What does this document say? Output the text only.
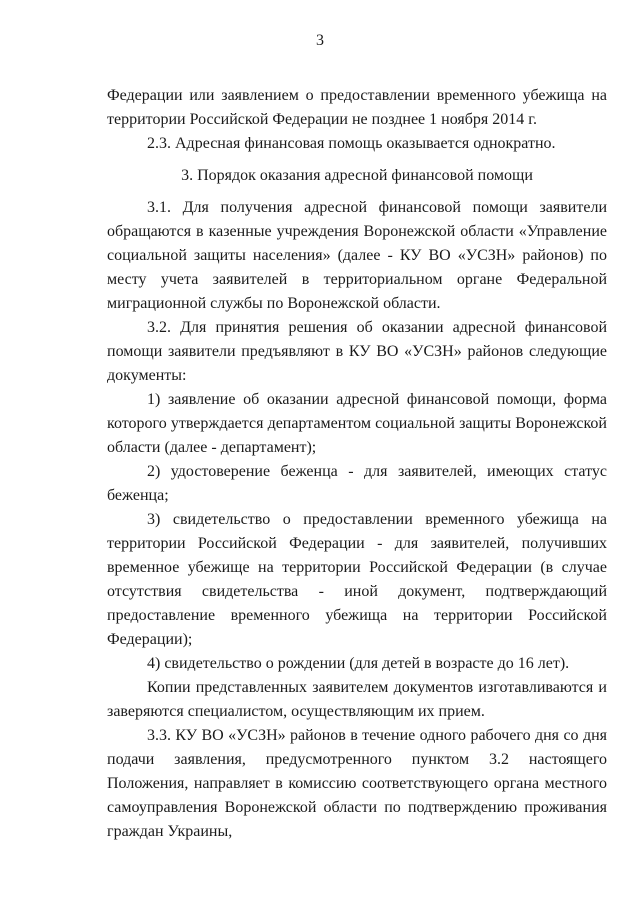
3

Федерации или заявлением о предоставлении временного убежища на территории Российской Федерации не позднее 1 ноября 2014 г.

2.3. Адресная финансовая помощь оказывается однократно.

3. Порядок оказания адресной финансовой помощи

3.1. Для получения адресной финансовой помощи заявители обращаются в казенные учреждения Воронежской области «Управление социальной защиты населения» (далее - КУ ВО «УСЗН» районов) по месту учета заявителей в территориальном органе Федеральной миграционной службы по Воронежской области.

3.2. Для принятия решения об оказании адресной финансовой помощи заявители предъявляют в КУ ВО «УСЗН» районов следующие документы:

1) заявление об оказании адресной финансовой помощи, форма которого утверждается департаментом социальной защиты Воронежской области (далее - департамент);

2) удостоверение беженца - для заявителей, имеющих статус беженца;

3) свидетельство о предоставлении временного убежища на территории Российской Федерации - для заявителей, получивших временное убежище на территории Российской Федерации (в случае отсутствия свидетельства - иной документ, подтверждающий предоставление временного убежища на территории Российской Федерации);

4) свидетельство о рождении (для детей в возрасте до 16 лет).

Копии представленных заявителем документов изготавливаются и заверяются специалистом, осуществляющим их прием.

3.3. КУ ВО «УСЗН» районов в течение одного рабочего дня со дня подачи заявления, предусмотренного пунктом 3.2 настоящего Положения, направляет в комиссию соответствующего органа местного самоуправления Воронежской области по подтверждению проживания граждан Украины,
